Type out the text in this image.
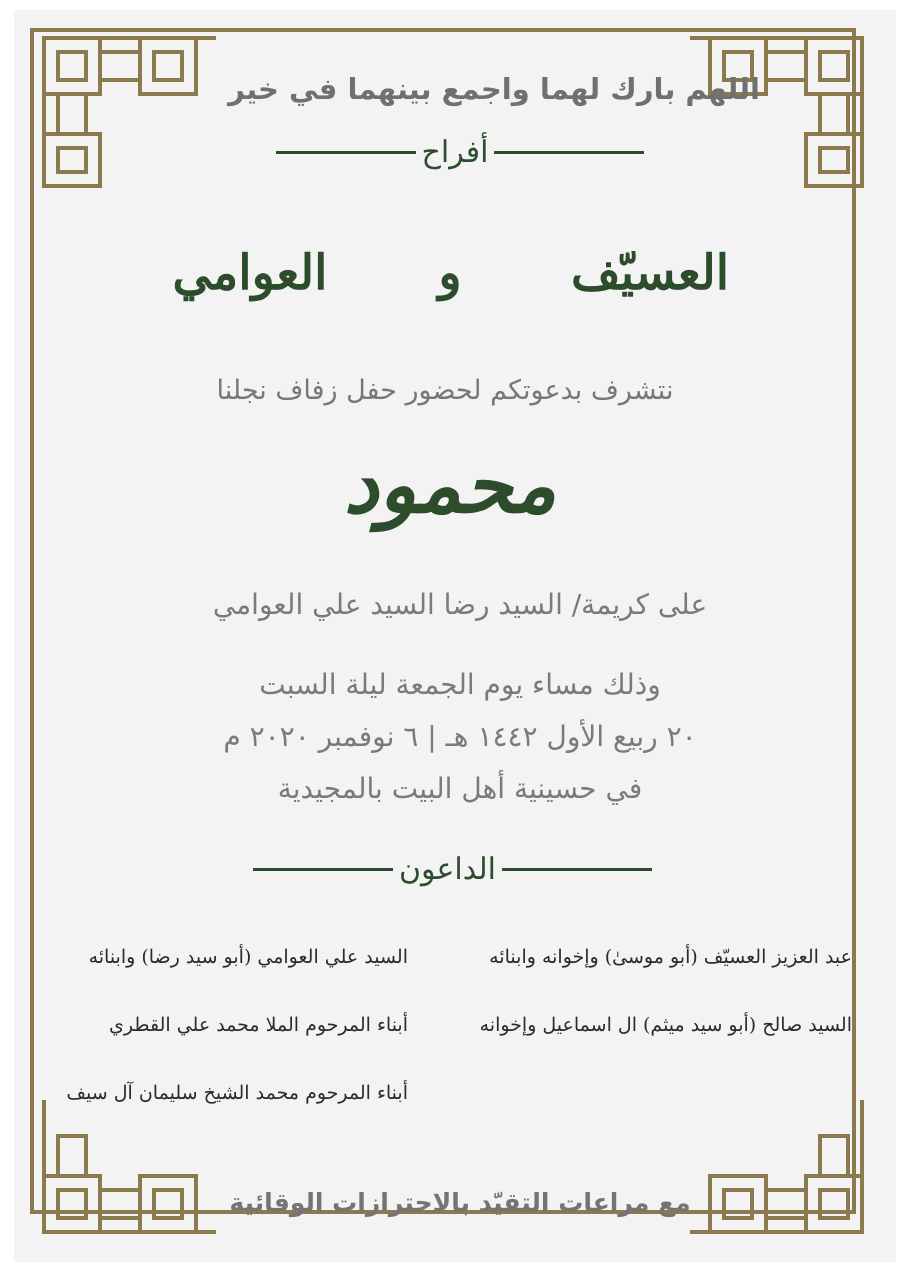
اللهم بارك لهما واجمع بينهما في خير
أفراح
العسيّف
و
العوامي
نتشرف بدعوتكم لحضور حفل زفاف نجلنا
محمود
على كريمة/ السيد رضا السيد علي العوامي
وذلك مساء يوم الجمعة ليلة السبت
٢٠ ربيع الأول ١٤٤٢ هـ | ٦ نوفمبر ٢٠٢٠ م
في حسينية أهل البيت بالمجيدية
الداعون
عبد العزيز العسيّف (أبو موسىٰ) وإخوانه وابنائه
السيد صالح (أبو سيد ميثم) ال اسماعيل وإخوانه
السيد علي العوامي (أبو سيد رضا) وابنائه
أبناء المرحوم الملا محمد علي القطري
أبناء المرحوم محمد الشيخ سليمان آل سيف
مع مراعات التقيّد بالاحترازات الوقائية
